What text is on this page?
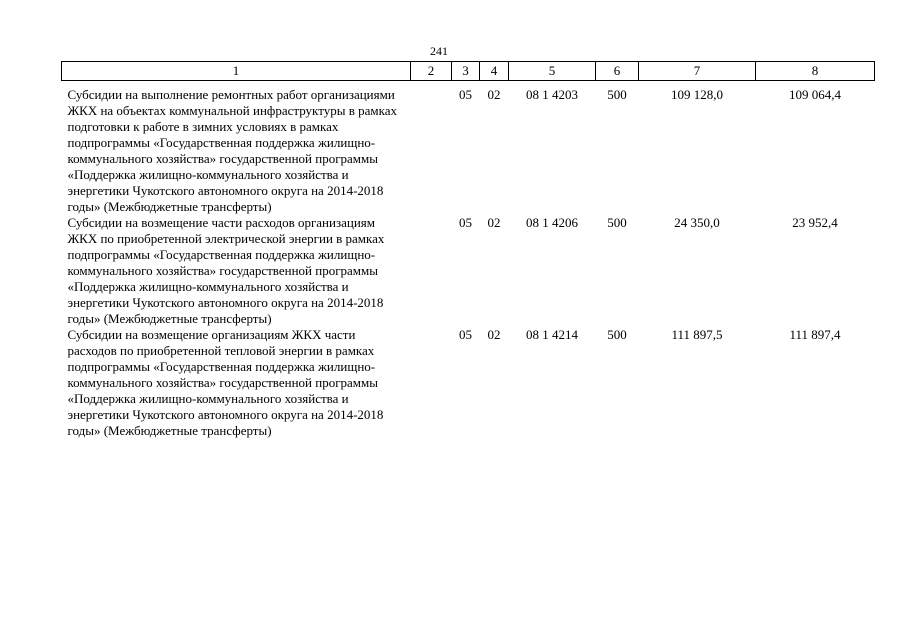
241
1	2	3	4	5	6	7	8
Субсидии на выполнение ремонтных работ организациями ЖКХ на объектах коммунальной инфраструктуры в рамках подготовки к работе в зимних условиях в рамках подпрограммы «Государственная поддержка жилищно-коммунального хозяйства» государственной программы «Поддержка жилищно-коммунального хозяйства и энергетики Чукотского автономного округа на 2014-2018 годы» (Межбюджетные трансферты)		05	02	08 1 4203	500	109 128,0	109 064,4
Субсидии на возмещение части расходов организациям ЖКХ по приобретенной электрической энергии в рамках подпрограммы «Государственная поддержка жилищно-коммунального хозяйства» государственной программы «Поддержка жилищно-коммунального хозяйства и энергетики Чукотского автономного округа на 2014-2018 годы» (Межбюджетные трансферты)		05	02	08 1 4206	500	24 350,0	23 952,4
Субсидии на возмещение организациям ЖКХ части расходов по приобретенной тепловой энергии в рамках подпрограммы «Государственная поддержка жилищно-коммунального хозяйства» государственной программы «Поддержка жилищно-коммунального хозяйства и энергетики Чукотского автономного округа на 2014-2018 годы» (Межбюджетные трансферты)		05	02	08 1 4214	500	111 897,5	111 897,4
